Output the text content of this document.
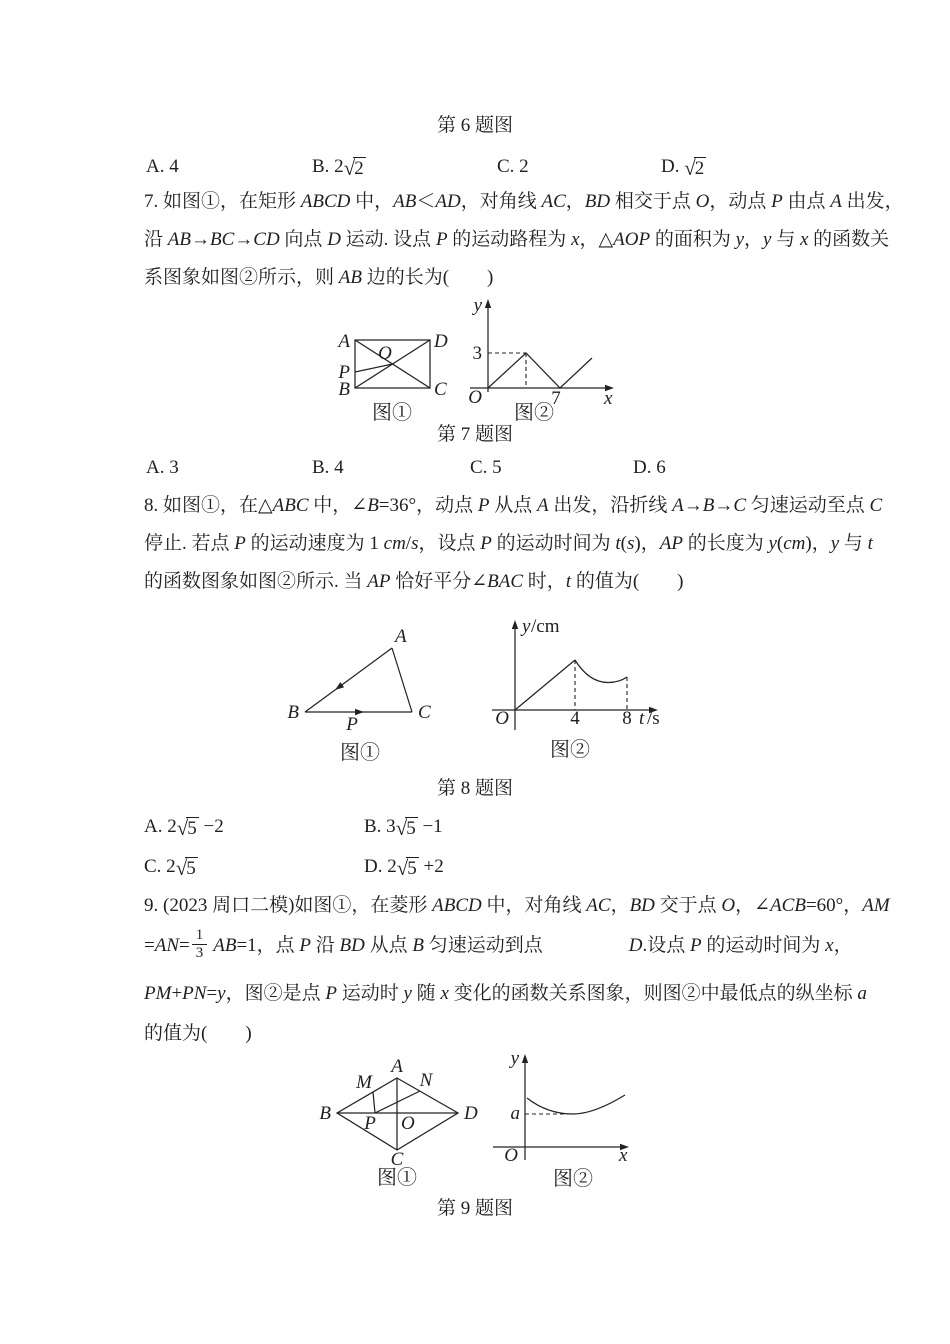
第 6 题图
A. 4	B. 2 √ 2	C. 2	D. √ 2
7. 如图①，在矩形 ABCD 中，AB＜AD，对角线 AC，BD 相交于点 O，动点 P 由点 A 出发，
沿 AB→BC→CD 向点 D 运动. 设点 P 的运动路程为 x，△AOP 的面积为 y，y 与 x 的函数关
系图象如图②所示，则 AB 边的长为(　　)
A	D
O
P
B	C
图①
y
3
O	7 x
图②
第 7 题图
A. 3	B. 4	C. 5	D. 6
8. 如图①，在△ABC 中，∠B=36°，动点 P 从点 A 出发，沿折线 A→B→C 匀速运动至点 C
停止. 若点 P 的运动速度为 1 cm/s，设点 P 的运动时间为 t(s)，AP 的长度为 y(cm)，y 与 t
的函数图象如图②所示. 当 AP 恰好平分∠BAC 时，t 的值为(　　)
A
B	C
P
图①
y /cm
O	4 8 t /s
图②
第 8 题图
A. 2 √ 5 −2	B. 3 √ 5 −1
C. 2 √ 5	D. 2 √ 5 +2
9. (2023 周口二模)如图①，在菱形 ABCD 中，对角线 AC，BD 交于点 O，∠ACB=60°，AM
$=AN= \frac{1}{3} AB=1$，点 P 沿 BD 从点 B 匀速运动到点	D.设点 P 的运动时间为 x，
PM+PN=y，图②是点 P 运动时 y 随 x 变化的函数关系图象，则图②中最低点的纵坐标 a
的值为(　　)
A
M	N
B	D
P O
C
图①
y
a
O	x
图②
第 9 题图
